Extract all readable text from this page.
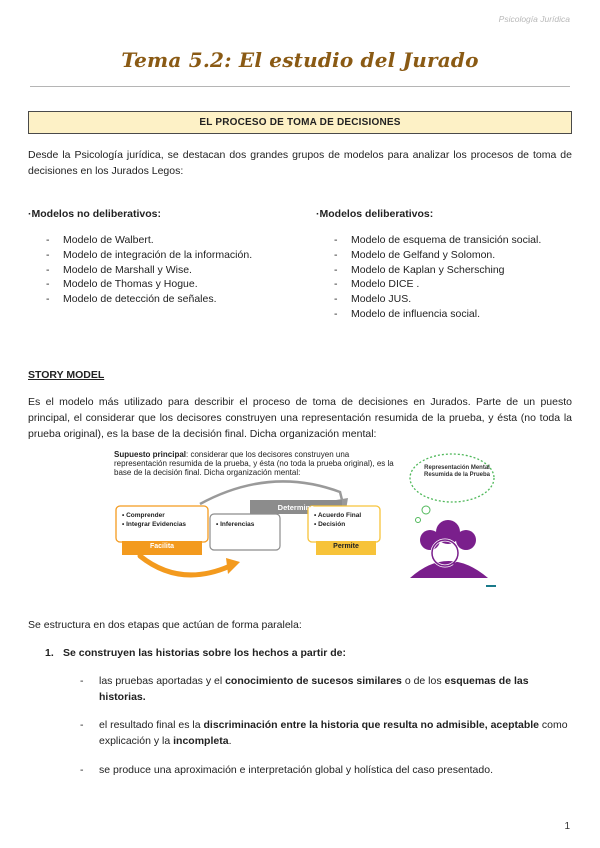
Psicología Jurídica
Tema 5.2: El estudio del Jurado
EL PROCESO DE TOMA DE DECISIONES
Desde la Psicología jurídica, se destacan dos grandes grupos de modelos para analizar los procesos de toma de decisiones en los Jurados Legos:
·Modelos no deliberativos:
- Modelo de Walbert.
- Modelo de integración de la información.
- Modelo de Marshall y Wise.
- Modelo de Thomas y Hogue.
- Modelo de detección de señales.
·Modelos deliberativos:
- Modelo de esquema de transición social.
- Modelo de Gelfand y Solomon.
- Modelo de Kaplan y Schersching
- Modelo DICE .
- Modelo JUS.
- Modelo de influencia social.
STORY MODEL
Es el modelo más utilizado para describir el proceso de toma de decisiones en Jurados. Parte de un puesto principal, el considerar que los decisores construyen una representación resumida de la prueba, y ésta (no toda la prueba original), es la base de la decisión final. Dicha organización mental:
Supuesto principal: considerar que los decisores construyen una representación resumida de la prueba, y ésta (no toda la prueba original), es la base de la decisión final. Dicha organización mental:
• Comprender
• Integrar Evidencias
Facilita
Determina
• Inferencias
• Acuerdo Final
• Decisión
Permite
Representación Mental Resumida de la Prueba
Se estructura en dos etapas que actúan de forma paralela:
1. Se construyen las historias sobre los hechos a partir de:
-	las pruebas aportadas y el conocimiento de sucesos similares o de los esquemas de las historias.
-	el resultado final es la discriminación entre la historia que resulta no admisible, aceptable como explicación y la incompleta.
-	se produce una aproximación e interpretación global y holística del caso presentado.
1
